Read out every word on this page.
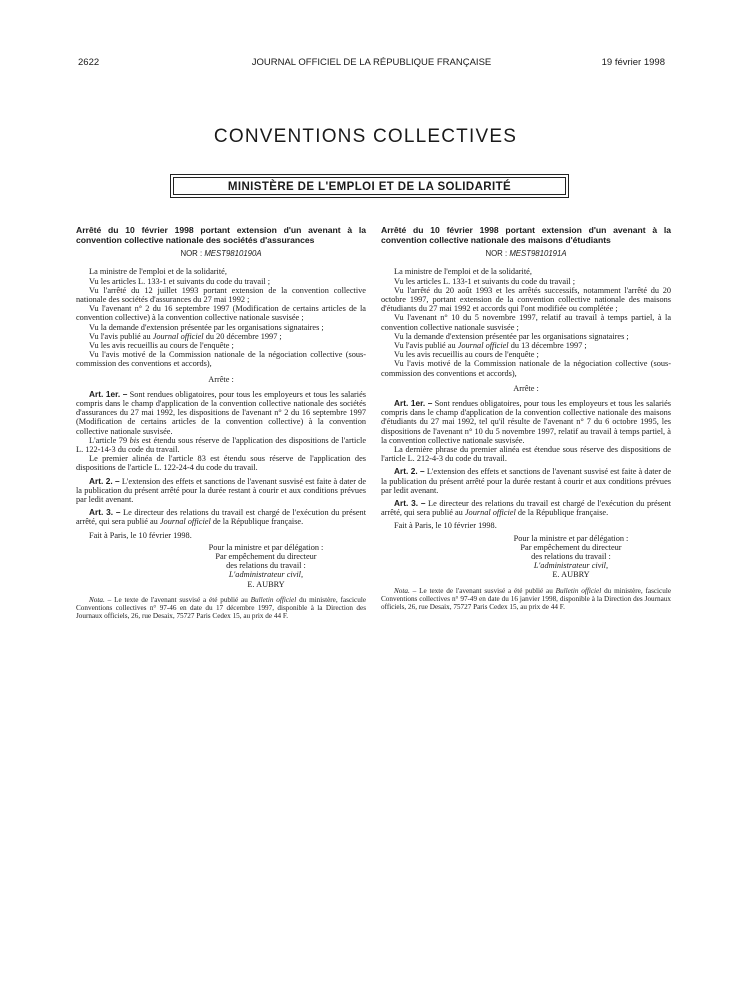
2622	JOURNAL OFFICIEL DE LA RÉPUBLIQUE FRANÇAISE	19 février 1998
CONVENTIONS COLLECTIVES
MINISTÈRE DE L'EMPLOI ET DE LA SOLIDARITÉ

Arrêté du 10 février 1998 portant extension d'un avenant à la convention collective nationale des sociétés d'assurances

NOR : MEST9810190A

La ministre de l'emploi et de la solidarité,

Vu les articles L. 133-1 et suivants du code du travail ;

Vu l'arrêté du 12 juillet 1993 portant extension de la convention collective nationale des sociétés d'assurances du 27 mai 1992 ;

Vu l'avenant n° 2 du 16 septembre 1997 (Modification de certains articles de la convention collective) à la convention collective nationale susvisée ;

Vu la demande d'extension présentée par les organisations signataires ;

Vu l'avis publié au Journal officiel du 20 décembre 1997 ;

Vu les avis recueillis au cours de l'enquête ;

Vu l'avis motivé de la Commission nationale de la négociation collective (sous-commission des conventions et accords),

Arrête :

Art. 1er. – Sont rendues obligatoires, pour tous les employeurs et tous les salariés compris dans le champ d'application de la convention collective nationale des sociétés d'assurances du 27 mai 1992, les dispositions de l'avenant n° 2 du 16 septembre 1997 (Modification de certains articles de la convention collective) à la convention collective nationale susvisée.

L'article 79 bis est étendu sous réserve de l'application des dispositions de l'article L. 122-14-3 du code du travail.

Le premier alinéa de l'article 83 est étendu sous réserve de l'application des dispositions de l'article L. 122-24-4 du code du travail.

Art. 2. – L'extension des effets et sanctions de l'avenant susvisé est faite à dater de la publication du présent arrêté pour la durée restant à courir et aux conditions prévues par ledit avenant.

Art. 3. – Le directeur des relations du travail est chargé de l'exécution du présent arrêté, qui sera publié au Journal officiel de la République française.

Fait à Paris, le 10 février 1998.

Pour la ministre et par délégation :
Par empêchement du directeur
des relations du travail :
L'administrateur civil,
E. AUBRY

Nota. – Le texte de l'avenant susvisé a été publié au Bulletin officiel du ministère, fascicule Conventions collectives n° 97-46 en date du 17 décembre 1997, disponible à la Direction des Journaux officiels, 26, rue Desaix, 75727 Paris Cedex 15, au prix de 44 F.

Arrêté du 10 février 1998 portant extension d'un avenant à la convention collective nationale des maisons d'étudiants

NOR : MEST9810191A

La ministre de l'emploi et de la solidarité,

Vu les articles L. 133-1 et suivants du code du travail ;

Vu l'arrêté du 20 août 1993 et les arrêtés successifs, notamment l'arrêté du 20 octobre 1997, portant extension de la convention collective nationale des maisons d'étudiants du 27 mai 1992 et accords qui l'ont modifiée ou complétée ;

Vu l'avenant n° 10 du 5 novembre 1997, relatif au travail à temps partiel, à la convention collective nationale susvisée ;

Vu la demande d'extension présentée par les organisations signataires ;

Vu l'avis publié au Journal officiel du 13 décembre 1997 ;

Vu les avis recueillis au cours de l'enquête ;

Vu l'avis motivé de la Commission nationale de la négociation collective (sous-commission des conventions et accords),

Arrête :

Art. 1er. – Sont rendues obligatoires, pour tous les employeurs et tous les salariés compris dans le champ d'application de la convention collective nationale des maisons d'étudiants du 27 mai 1992, tel qu'il résulte de l'avenant n° 7 du 6 octobre 1995, les dispositions de l'avenant n° 10 du 5 novembre 1997, relatif au travail à temps partiel, à la convention collective nationale susvisée.

La dernière phrase du premier alinéa est étendue sous réserve des dispositions de l'article L. 212-4-3 du code du travail.

Art. 2. – L'extension des effets et sanctions de l'avenant susvisé est faite à dater de la publication du présent arrêté pour la durée restant à courir et aux conditions prévues par ledit avenant.

Art. 3. – Le directeur des relations du travail est chargé de l'exécution du présent arrêté, qui sera publié au Journal officiel de la République française.

Fait à Paris, le 10 février 1998.

Pour la ministre et par délégation :
Par empêchement du directeur
des relations du travail :
L'administrateur civil,
E. AUBRY

Nota. – Le texte de l'avenant susvisé a été publié au Bulletin officiel du ministère, fascicule Conventions collectives n° 97-49 en date du 16 janvier 1998, disponible à la Direction des Journaux officiels, 26, rue Desaix, 75727 Paris Cedex 15, au prix de 44 F.
